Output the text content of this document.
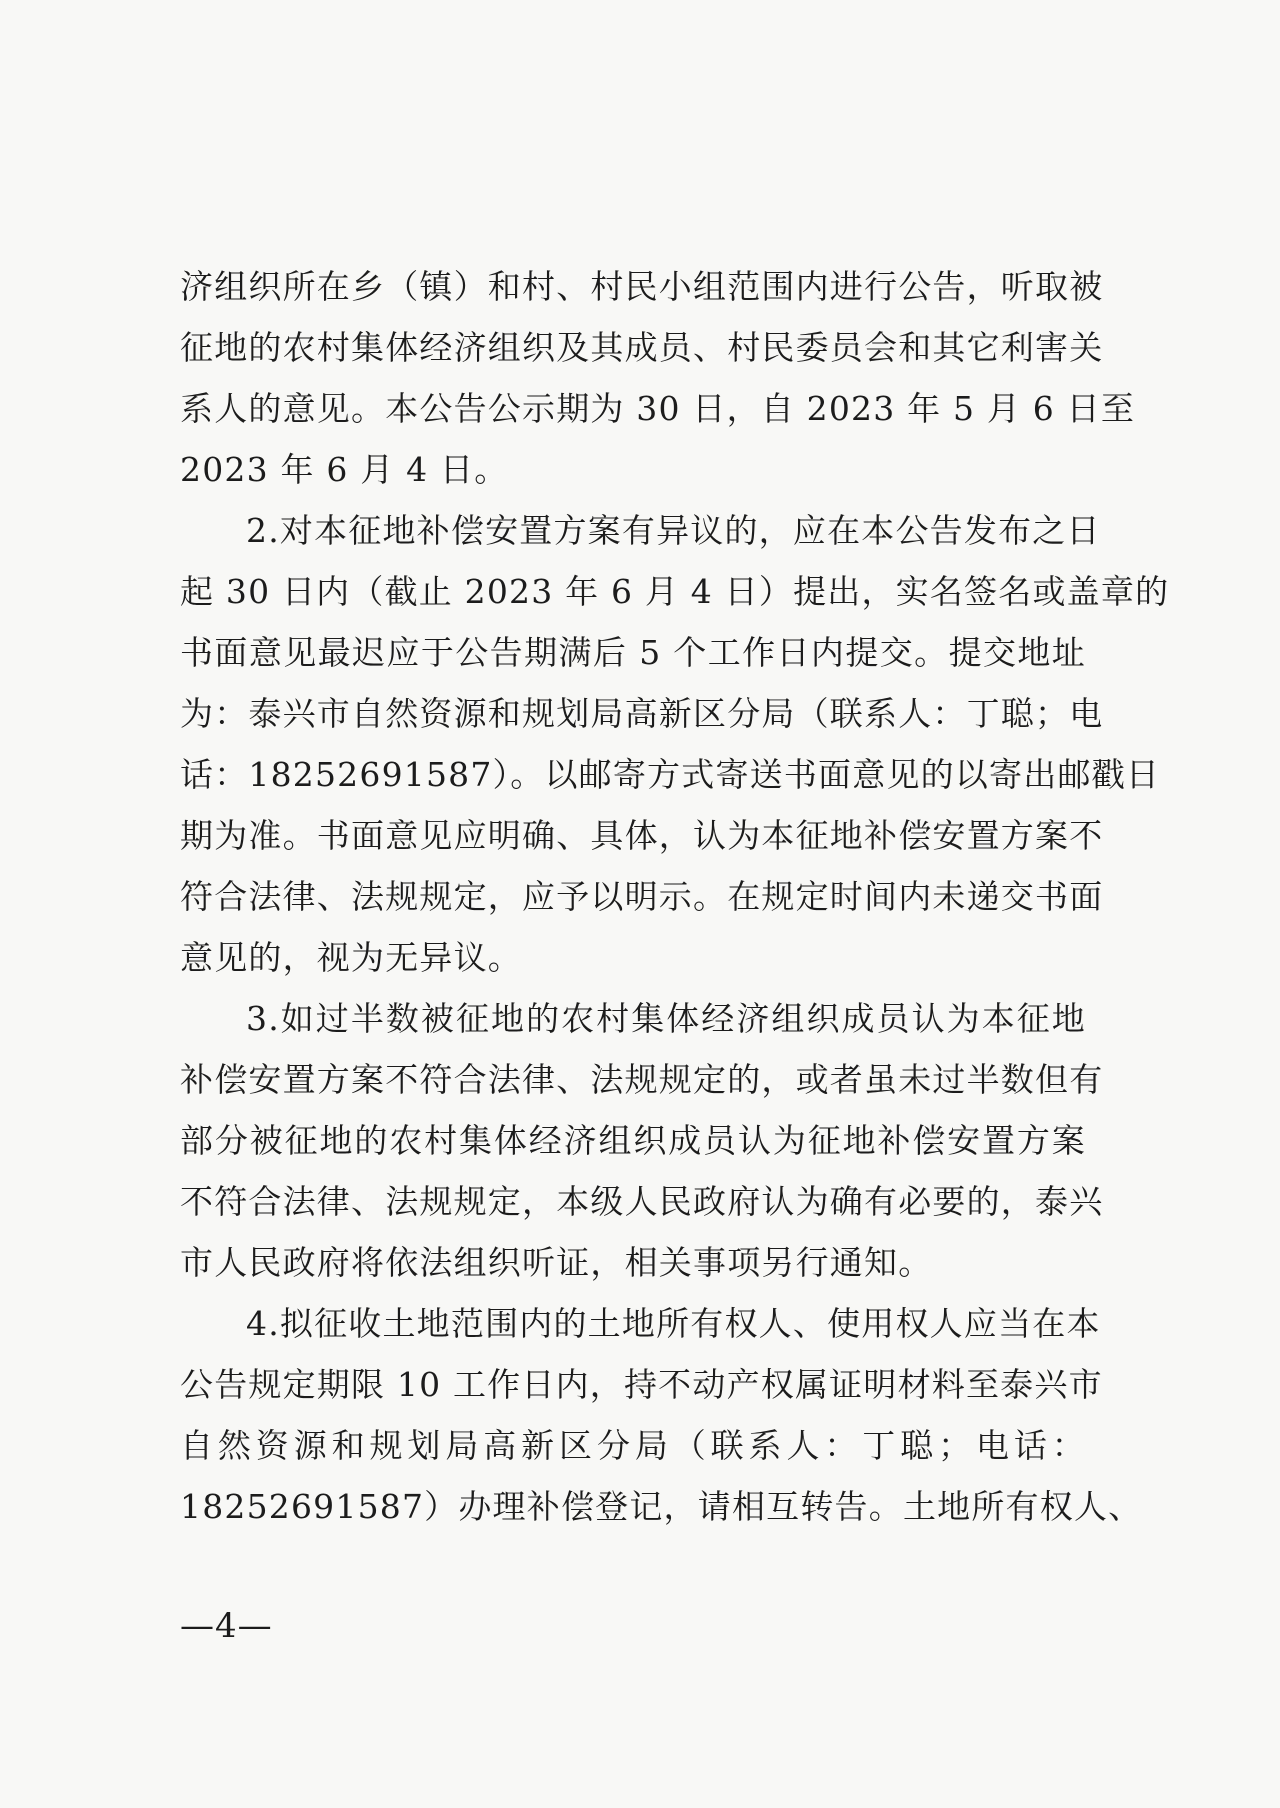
济组织所在乡（镇）和村、村民小组范围内进行公告，听取被
征地的农村集体经济组织及其成员、村民委员会和其它利害关
系人的意见。本公告公示期为 30 日，自 2023 年 5 月 6 日至
2023 年 6 月 4 日。
2.对本征地补偿安置方案有异议的，应在本公告发布之日
起 30 日内（截止 2023 年 6 月 4 日）提出，实名签名或盖章的
书面意见最迟应于公告期满后 5 个工作日内提交。提交地址
为：泰兴市自然资源和规划局高新区分局（联系人：丁聪；电
话：18252691587）。以邮寄方式寄送书面意见的以寄出邮戳日
期为准。书面意见应明确、具体，认为本征地补偿安置方案不
符合法律、法规规定，应予以明示。在规定时间内未递交书面
意见的，视为无异议。
3.如过半数被征地的农村集体经济组织成员认为本征地
补偿安置方案不符合法律、法规规定的，或者虽未过半数但有
部分被征地的农村集体经济组织成员认为征地补偿安置方案
不符合法律、法规规定，本级人民政府认为确有必要的，泰兴
市人民政府将依法组织听证，相关事项另行通知。
4.拟征收土地范围内的土地所有权人、使用权人应当在本
公告规定期限 10 工作日内，持不动产权属证明材料至泰兴市
自然资源和规划局高新区分局（联系人：丁聪；电话：
18252691587）办理补偿登记，请相互转告。土地所有权人、
—4—
